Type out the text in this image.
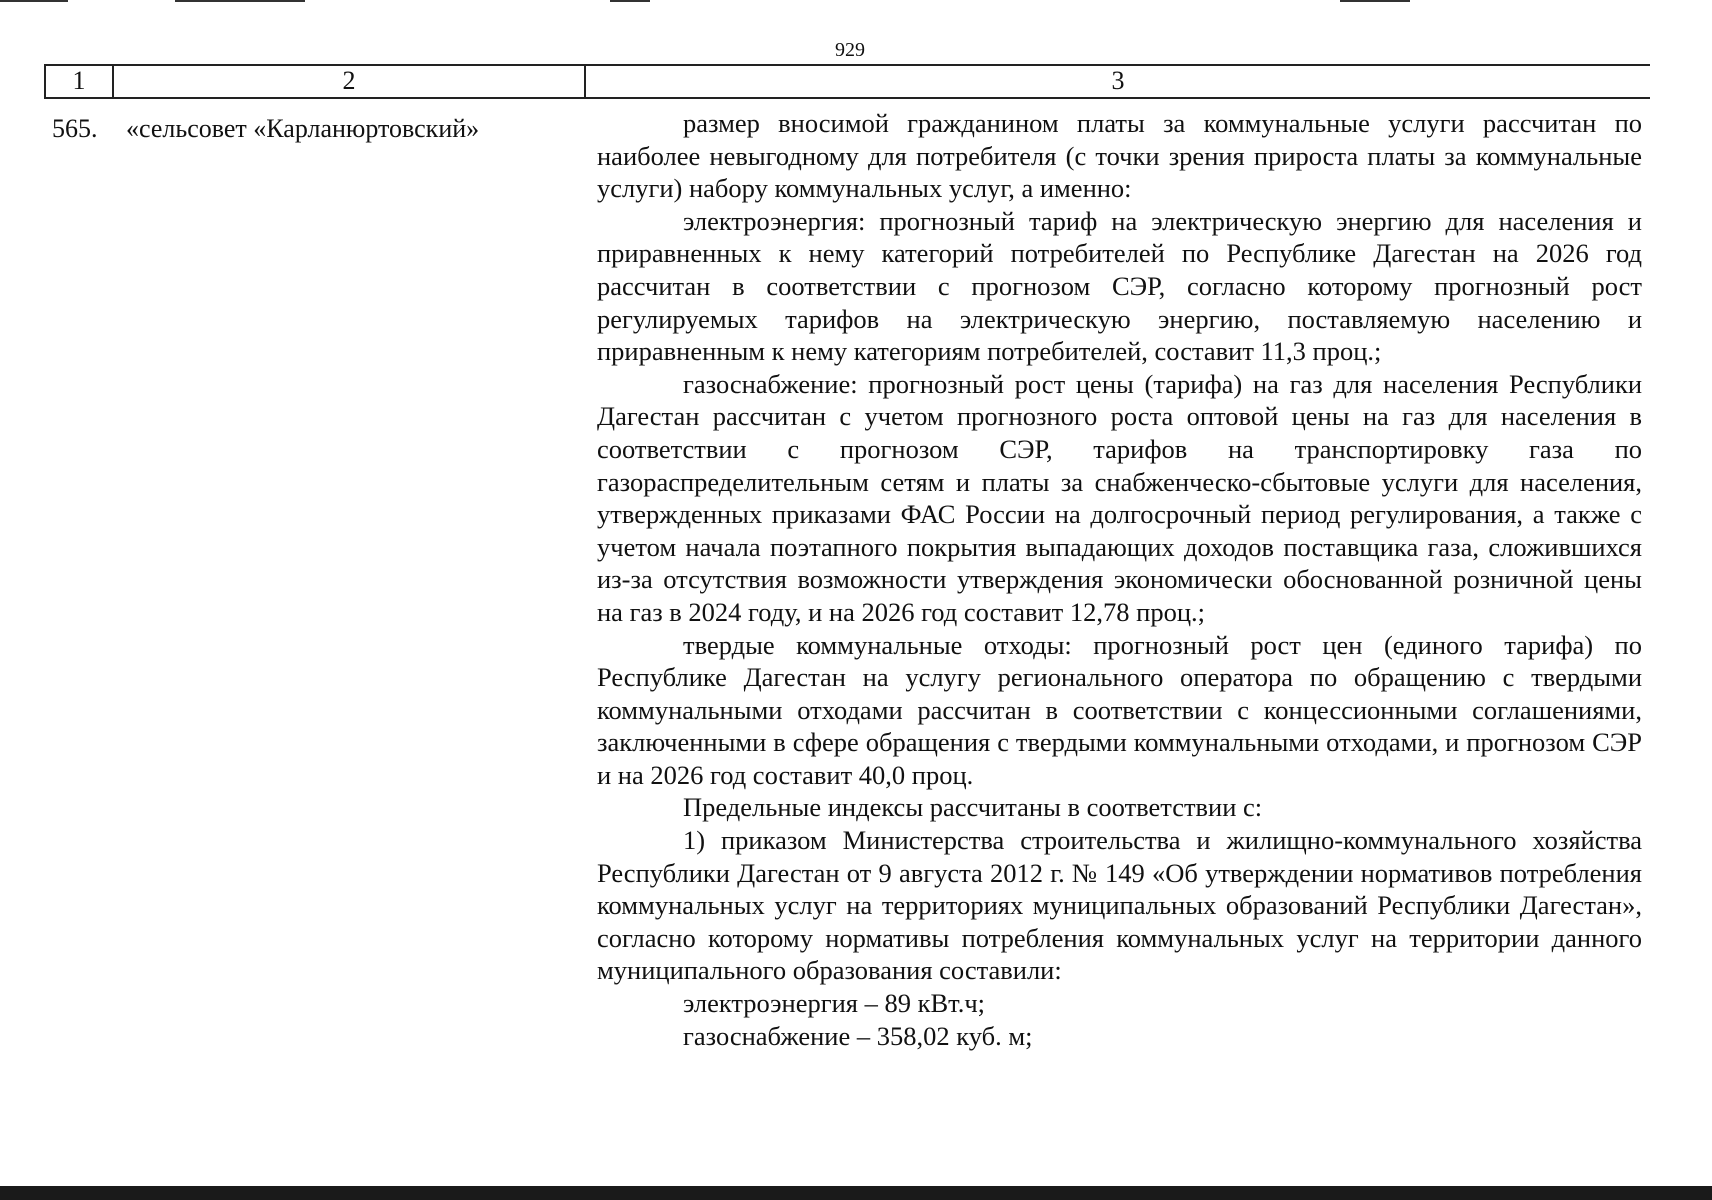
929
1	2	3
565. «сельсовет «Карланюртовский»	размер вносимой гражданином платы за коммунальные услуги рассчитан по наиболее невыгодному для потребителя (с точки зрения прироста платы за коммунальные услуги) набору коммунальных услуг, а именно:

электроэнергия: прогнозный тариф на электрическую энергию для населения и приравненных к нему категорий потребителей по Республике Дагестан на 2026 год рассчитан в соответствии с прогнозом СЭР, согласно которому прогнозный рост регулируемых тарифов на электрическую энергию, поставляемую населению и приравненным к нему категориям потребителей, составит 11,3 проц.;

газоснабжение: прогнозный рост цены (тарифа) на газ для населения Республики Дагестан рассчитан с учетом прогнозного роста оптовой цены на газ для населения в соответствии с прогнозом СЭР, тарифов на транспортировку газа по газораспределительным сетям и платы за снабженческо-сбытовые услуги для населения, утвержденных приказами ФАС России на долгосрочный период регулирования, а также с учетом начала поэтапного покрытия выпадающих доходов поставщика газа, сложившихся из-за отсутствия возможности утверждения экономически обоснованной розничной цены на газ в 2024 году, и на 2026 год составит 12,78 проц.;

твердые коммунальные отходы: прогнозный рост цен (единого тарифа) по Республике Дагестан на услугу регионального оператора по обращению с твердыми коммунальными отходами рассчитан в соответствии с концессионными соглашениями, заключенными в сфере обращения с твердыми коммунальными отходами, и прогнозом СЭР и на 2026 год составит 40,0 проц.

Предельные индексы рассчитаны в соответствии с:

1) приказом Министерства строительства и жилищно-коммунального хозяйства Республики Дагестан от 9 августа 2012 г. № 149 «Об утверждении нормативов потребления коммунальных услуг на территориях муниципальных образований Республики Дагестан», согласно которому нормативы потребления коммунальных услуг на территории данного муниципального образования составили:

электроэнергия – 89 кВт.ч;

газоснабжение – 358,02 куб. м;
